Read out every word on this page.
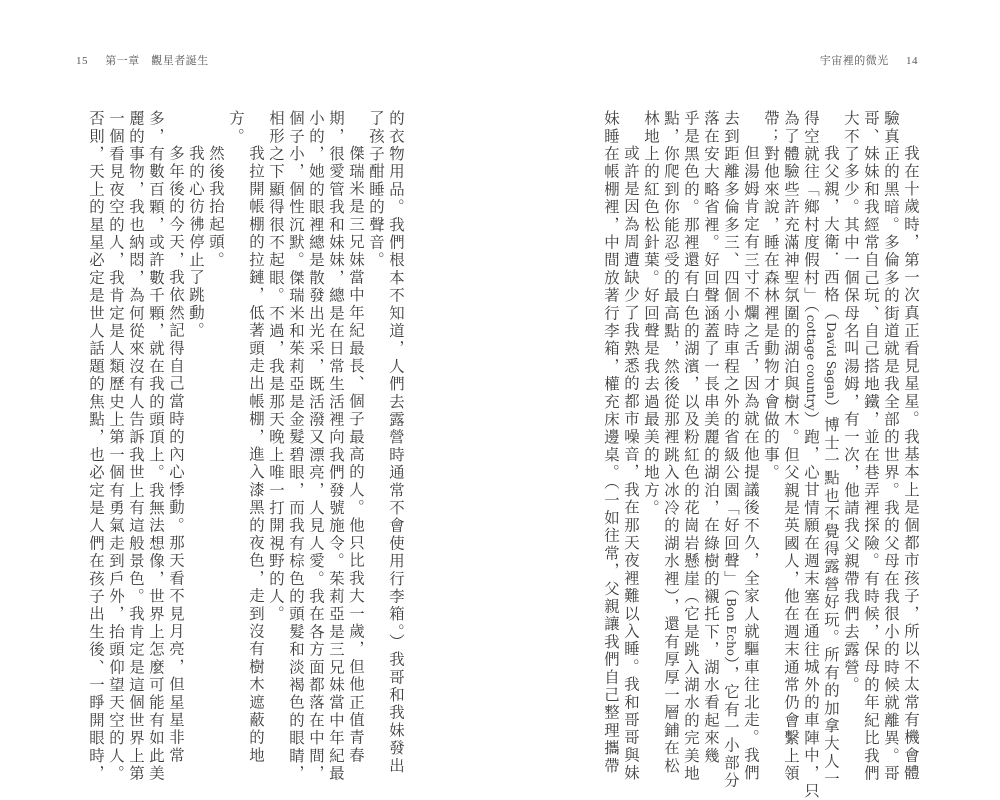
15 第一章　觀星者誕生	宇宙裡的微光 14
的衣物用品。我們根本不知道，人們去露營時通常不會使用行李箱。）我哥和我妹發出
了孩子酣睡的聲音。
傑瑞米是三兄妹當中年紀最長、個子最高的人。他只比我大一歲，但他正值青春
期，很愛管我和妹妹，總是在日常生活裡向我們發號施令。茱莉亞是三兄妹當中年紀最
小的，她的眼裡總是散發出光采，既活潑又漂亮，人見人愛。我在各方面都落在中間，
個子小，個性沉默。傑瑞米和茱莉亞是金髮碧眼，而我有棕色的頭髮和淡褐色的眼睛，
相形之下顯得很不起眼。不過，我是那天晚上唯一打開視野的人。
我拉開帳棚的拉鏈，低著頭走出帳棚，進入漆黑的夜色，走到沒有樹木遮蔽的地
方。
然後我抬起頭。
我的心彷彿停止了跳動。
多年後的今天，我依然記得自己當時的內心悸動。那天看不見月亮，但星星非常
多，有數百顆，或許數千顆，就在我的頭頂上。我無法想像，世界上怎麼可能有如此美
麗的事物，我也納悶，為何從來沒有人告訴我世上有這般景色。我肯定是這個世界上第
一個看見夜空的人，我肯定是人類歷史上第一個有勇氣走到戶外，抬頭仰望天空的人。
否則，天上的星星必定是世人話題的焦點，也必定是人們在孩子出生後、一睜開眼時，	我在十歲時，第一次真正看見星星。我基本上是個都市孩子，所以不太常有機會體
驗真正的黑暗。多倫多的街道就是我全部的世界。我的父母在我很小的時候就離異。哥
哥、妹妹和我經常自己玩、自己搭地鐵，並在巷弄裡探險。有時候，保母的年紀比我們
大不了多少。其中一個保母名叫湯姆，有一次，他請我父親帶我們去露營。
我父親，大衛．西格（David Sagan）博士一點也不覺得露營好玩。所有的加拿大人一
得空就往「鄉村度假村」（cottage country）跑，心甘情願在週末塞在通往城外的車陣中，只
為了體驗些許充滿神聖氛圍的湖泊與樹木。但父親是英國人，他在週末通常仍會繫上領
帶；對他來說，睡在森林裡是動物才會做的事。
但湯姆肯定有三寸不爛之舌，因為就在他提議後不久，全家人就驅車往北走。我們
去到距離多倫多三、四個小時車程之外的省級公園「好回聲」（Bon Echo），它有一小部分
落在安大略省裡。好回聲涵蓋了一長串美麗的湖泊，在綠樹的襯托下，湖水看起來幾
乎是黑色的。那裡還有白色的湖濱，以及粉紅色的花崗岩懸崖（它是跳入湖水的完美地
點，你爬到你能忍受的最高點，然後從那裡跳入冰冷的湖水裡），還有厚厚一層鋪在松
林地上的紅色松針葉。好回聲是我去過最美的地方。
或許是因為周遭缺少了我熟悉的都市噪音，我在那天夜裡難以入睡。我和哥哥與妹
妹睡在帳棚裡，中間放著行李箱，權充床邊桌。（一如往常，父親讓我們自己整理攜帶
